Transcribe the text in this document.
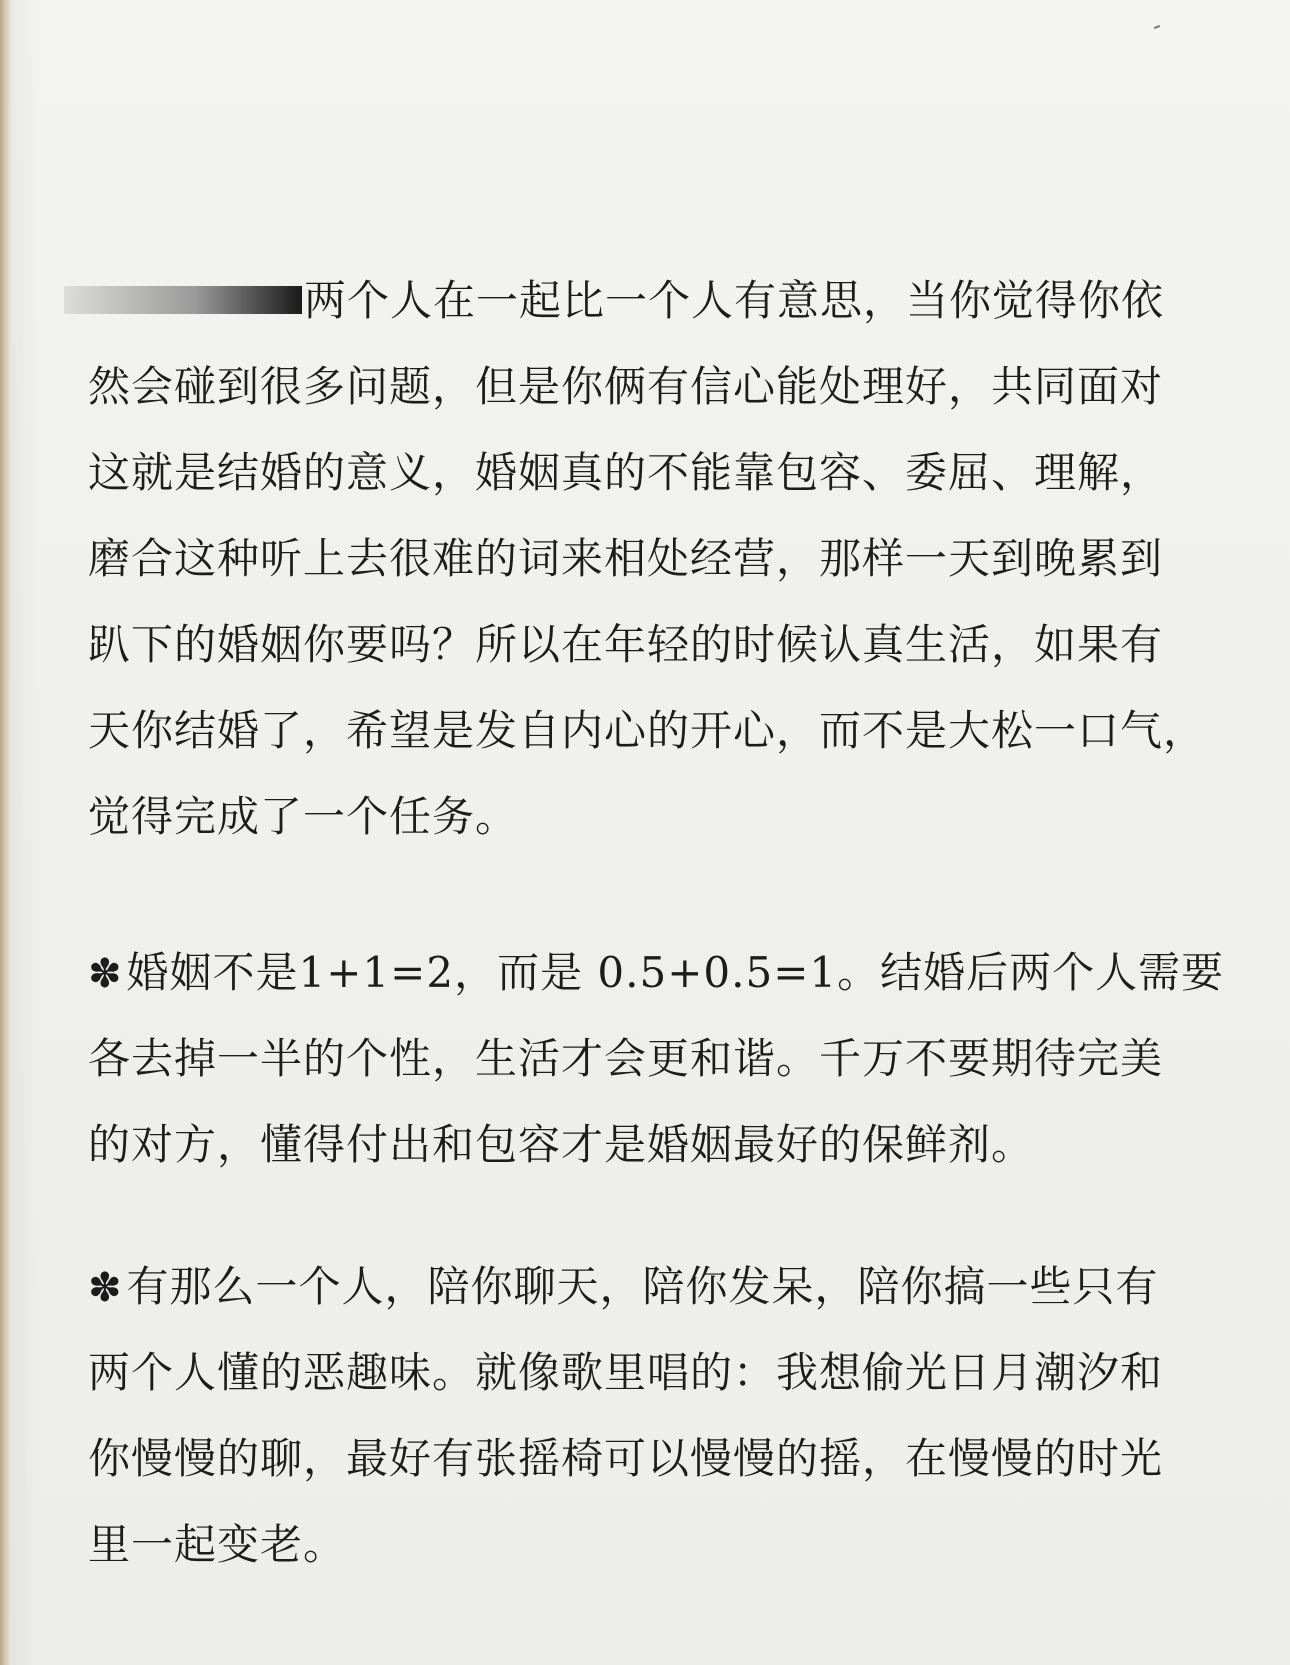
两个人在一起比一个人有意思，当你觉得你依
然会碰到很多问题，但是你俩有信心能处理好，共同面对
这就是结婚的意义，婚姻真的不能靠包容、委屈、理解，
磨合这种听上去很难的词来相处经营，那样一天到晚累到
趴下的婚姻你要吗？所以在年轻的时候认真生活，如果有
天你结婚了，希望是发自内心的开心，而不是大松一口气，
觉得完成了一个任务。
✽婚姻不是1+1=2，而是 0.5+0.5=1。结婚后两个人需要
各去掉一半的个性，生活才会更和谐。千万不要期待完美
的对方，懂得付出和包容才是婚姻最好的保鲜剂。
✽有那么一个人，陪你聊天，陪你发呆，陪你搞一些只有
两个人懂的恶趣味。就像歌里唱的：我想偷光日月潮汐和
你慢慢的聊，最好有张摇椅可以慢慢的摇，在慢慢的时光
里一起变老。
